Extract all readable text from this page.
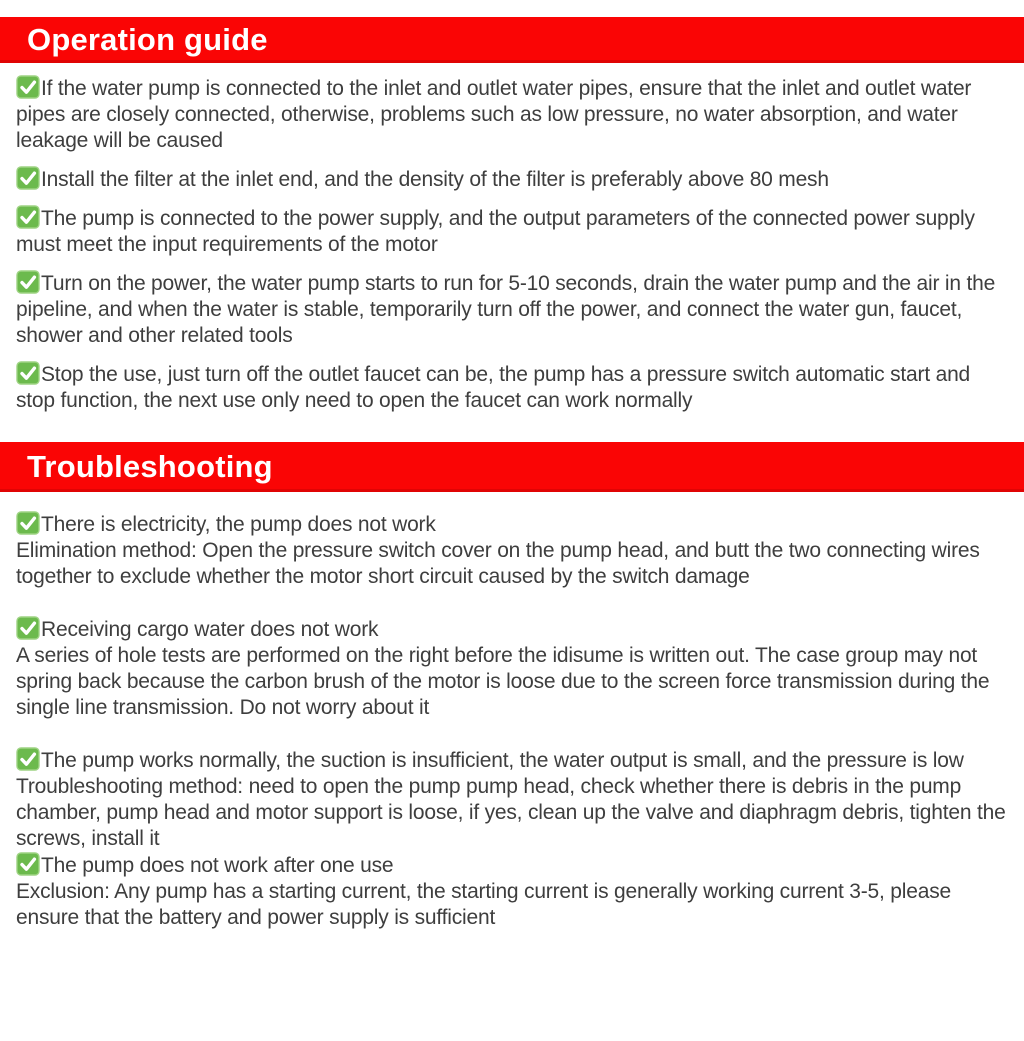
Operation guide

If the water pump is connected to the inlet and outlet water pipes, ensure that the inlet and outlet water pipes are closely connected, otherwise, problems such as low pressure, no water absorption, and water leakage will be caused

Install the filter at the inlet end, and the density of the filter is preferably above 80 mesh

The pump is connected to the power supply, and the output parameters of the connected power supply must meet the input requirements of the motor

Turn on the power, the water pump starts to run for 5-10 seconds, drain the water pump and the air in the pipeline, and when the water is stable, temporarily turn off the power, and connect the water gun, faucet, shower and other related tools

Stop the use, just turn off the outlet faucet can be, the pump has a pressure switch automatic start and stop function, the next use only need to open the faucet can work normally

Troubleshooting

There is electricity, the pump does not work

Elimination method: Open the pressure switch cover on the pump head, and butt the two connecting wires together to exclude whether the motor short circuit caused by the switch damage

Receiving cargo water does not work

A series of hole tests are performed on the right before the idisume is written out. The case group may not spring back because the carbon brush of the motor is loose due to the screen force transmission during the single line transmission. Do not worry about it

The pump works normally, the suction is insufficient, the water output is small, and the pressure is low

Troubleshooting method: need to open the pump pump head, check whether there is debris in the pump chamber, pump head and motor support is loose, if yes, clean up the valve and diaphragm debris, tighten the screws, install it

The pump does not work after one use

Exclusion: Any pump has a starting current, the starting current is generally working current 3-5, please ensure that the battery and power supply is sufficient
